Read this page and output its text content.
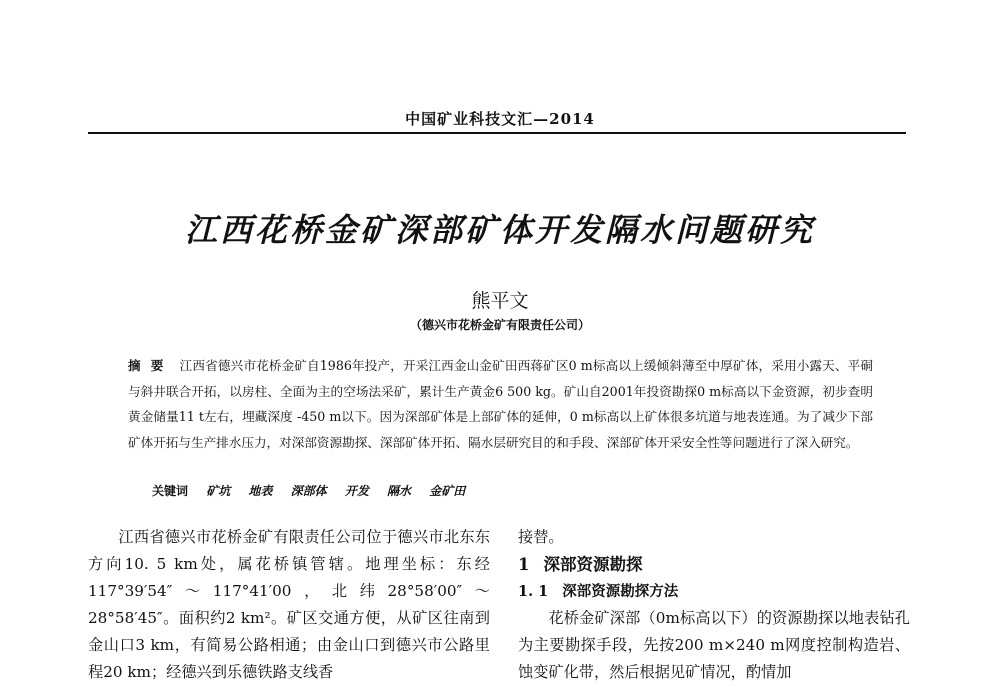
中国矿业科技文汇—2014
江西花桥金矿深部矿体开发隔水问题研究
熊平文
（德兴市花桥金矿有限责任公司）
摘要 江西省德兴市花桥金矿自1986年投产，开采江西金山金矿田西蒋矿区0 m标高以上缓倾斜薄至中厚矿体，采用小露天、平硐与斜井联合开拓，以房柱、全面为主的空场法采矿，累计生产黄金6 500 kg。矿山自2001年投资勘探0 m标高以下金资源，初步查明黄金储量11 t左右，埋藏深度 -450 m以下。因为深部矿体是上部矿体的延伸，0 m标高以上矿体很多坑道与地表连通。为了减少下部矿体开拓与生产排水压力，对深部资源勘探、深部矿体开拓、隔水层研究目的和手段、深部矿体开采安全性等问题进行了深入研究。
关键词 矿坑 地表 深部体 开发 隔水 金矿田

江西省德兴市花桥金矿有限责任公司位于德兴市北东东方向10. 5 km处，属花桥镇管辖。地理坐标：东经117°39′54″～117°41′00，北纬28°58′00″～28°58′45″。面积约2 km²。矿区交通方便，从矿区往南到金山口3 km，有简易公路相通；由金山口到德兴市公路里程20 km；经德兴到乐德铁路支线香

接替。

1 深部资源勘探

1. 1 深部资源勘探方法

花桥金矿深部（0m标高以下）的资源勘探以地表钻孔为主要勘探手段，先按200 m×240 m网度控制构造岩、蚀变矿化带，然后根据见矿情况，酌情加
